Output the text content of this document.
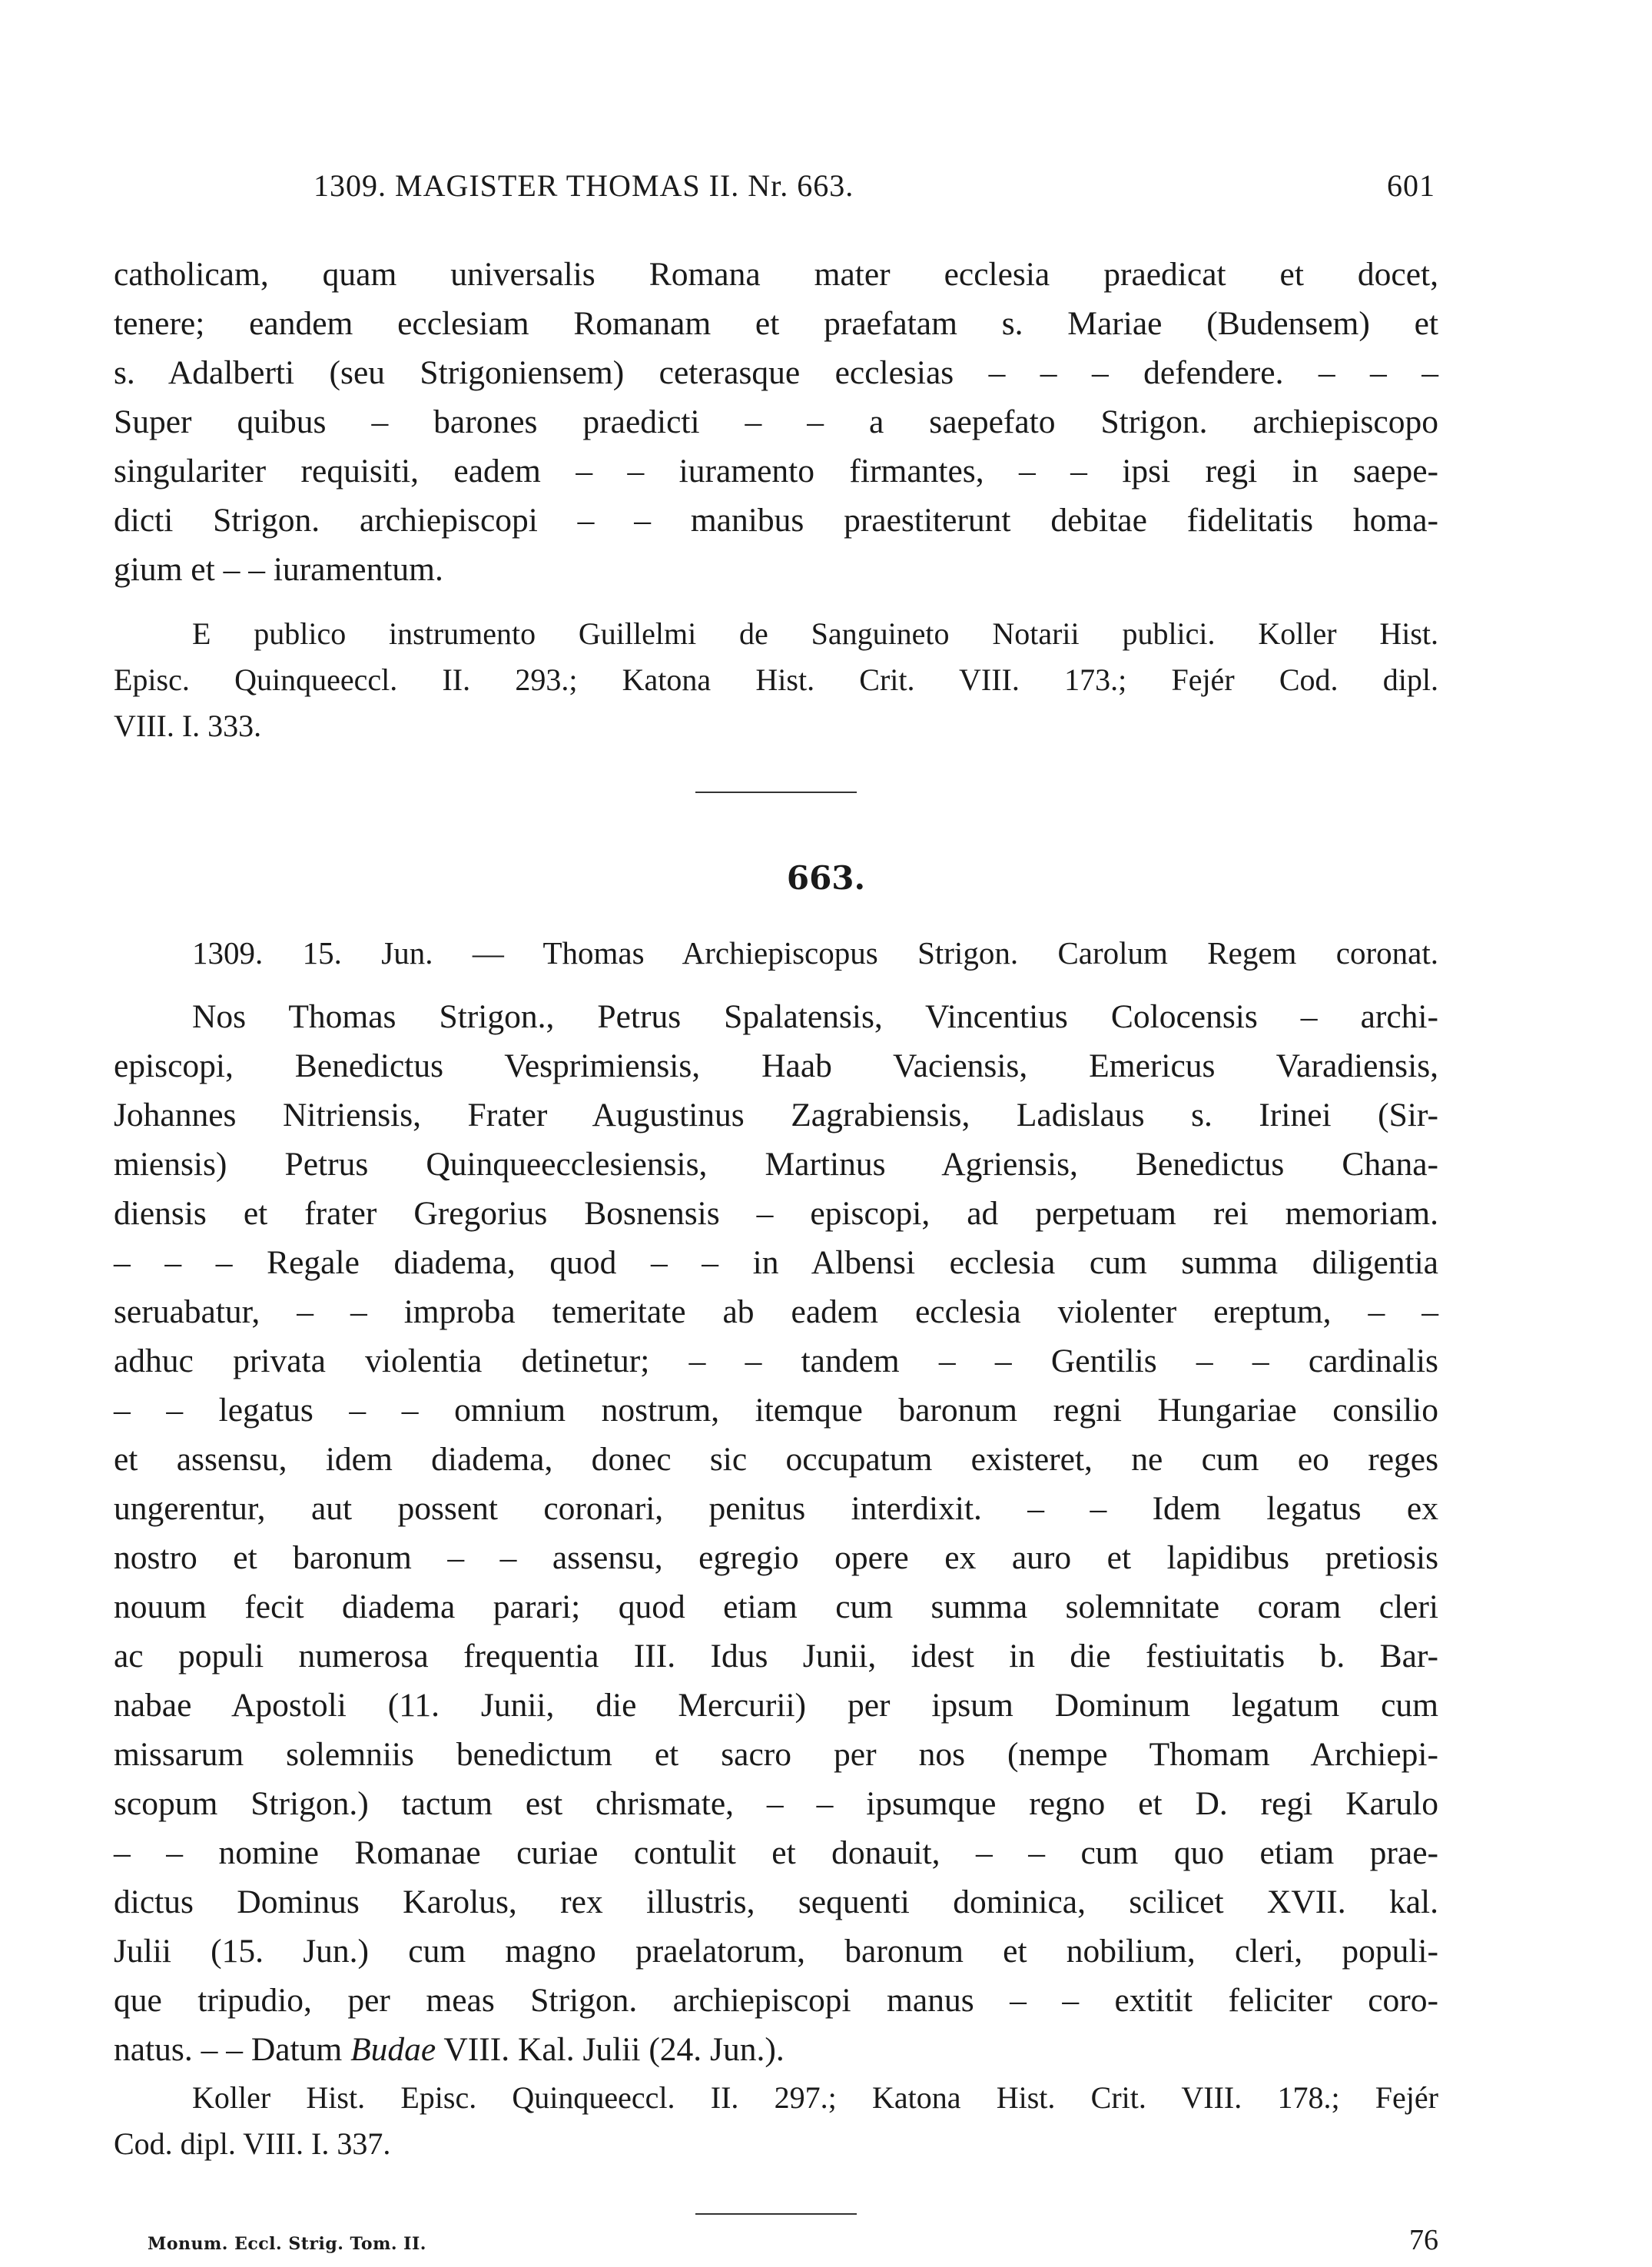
1309. MAGISTER THOMAS II. Nr. 663.	601
catholicam, quam universalis Romana mater ecclesia praedicat et docet,
tenere; eandem ecclesiam Romanam et praefatam s. Mariae (Budensem) et
s. Adalberti (seu Strigoniensem) ceterasque ecclesias – – – defendere. – – –
Super quibus – barones praedicti – – a saepefato Strigon. archiepiscopo
singulariter requisiti, eadem – – iuramento firmantes, – – ipsi regi in saepe-
dicti Strigon. archiepiscopi – – manibus praestiterunt debitae fidelitatis homa-
gium et – – iuramentum.
E publico instrumento Guillelmi de Sanguineto Notarii publici. Koller Hist.
Episc. Quinqueeccl. II. 293.; Katona Hist. Crit. VIII. 173.; Fejér Cod. dipl.
VIII. I. 333.
663.
1309. 15. Jun. — Thomas Archiepiscopus Strigon. Carolum Regem coronat.
Nos Thomas Strigon., Petrus Spalatensis, Vincentius Colocensis – archi-
episcopi, Benedictus Vesprimiensis, Haab Vaciensis, Emericus Varadiensis,
Johannes Nitriensis, Frater Augustinus Zagrabiensis, Ladislaus s. Irinei (Sir-
miensis) Petrus Quinqueecclesiensis, Martinus Agriensis, Benedictus Chana-
diensis et frater Gregorius Bosnensis – episcopi, ad perpetuam rei memoriam.
– – – Regale diadema, quod – – in Albensi ecclesia cum summa diligentia
seruabatur, – – improba temeritate ab eadem ecclesia violenter ereptum, – –
adhuc privata violentia detinetur; – – tandem – – Gentilis – – cardinalis
– – legatus – – omnium nostrum, itemque baronum regni Hungariae consilio
et assensu, idem diadema, donec sic occupatum existeret, ne cum eo reges
ungerentur, aut possent coronari, penitus interdixit. – – Idem legatus ex
nostro et baronum – – assensu, egregio opere ex auro et lapidibus pretiosis
nouum fecit diadema parari; quod etiam cum summa solemnitate coram cleri
ac populi numerosa frequentia III. Idus Junii, idest in die festiuitatis b. Bar-
nabae Apostoli (11. Junii, die Mercurii) per ipsum Dominum legatum cum
missarum solemniis benedictum et sacro per nos (nempe Thomam Archiepi-
scopum Strigon.) tactum est chrismate, – – ipsumque regno et D. regi Karulo
– – nomine Romanae curiae contulit et donauit, – – cum quo etiam prae-
dictus Dominus Karolus, rex illustris, sequenti dominica, scilicet XVII. kal.
Julii (15. Jun.) cum magno praelatorum, baronum et nobilium, cleri, populi-
que tripudio, per meas Strigon. archiepiscopi manus – – extitit feliciter coro-
natus. – – Datum Budae VIII. Kal. Julii (24. Jun.).
Koller Hist. Episc. Quinqueeccl. II. 297.; Katona Hist. Crit. VIII. 178.; Fejér
Cod. dipl. VIII. I. 337.
Monum. Eccl. Strig. Tom. II.	76
